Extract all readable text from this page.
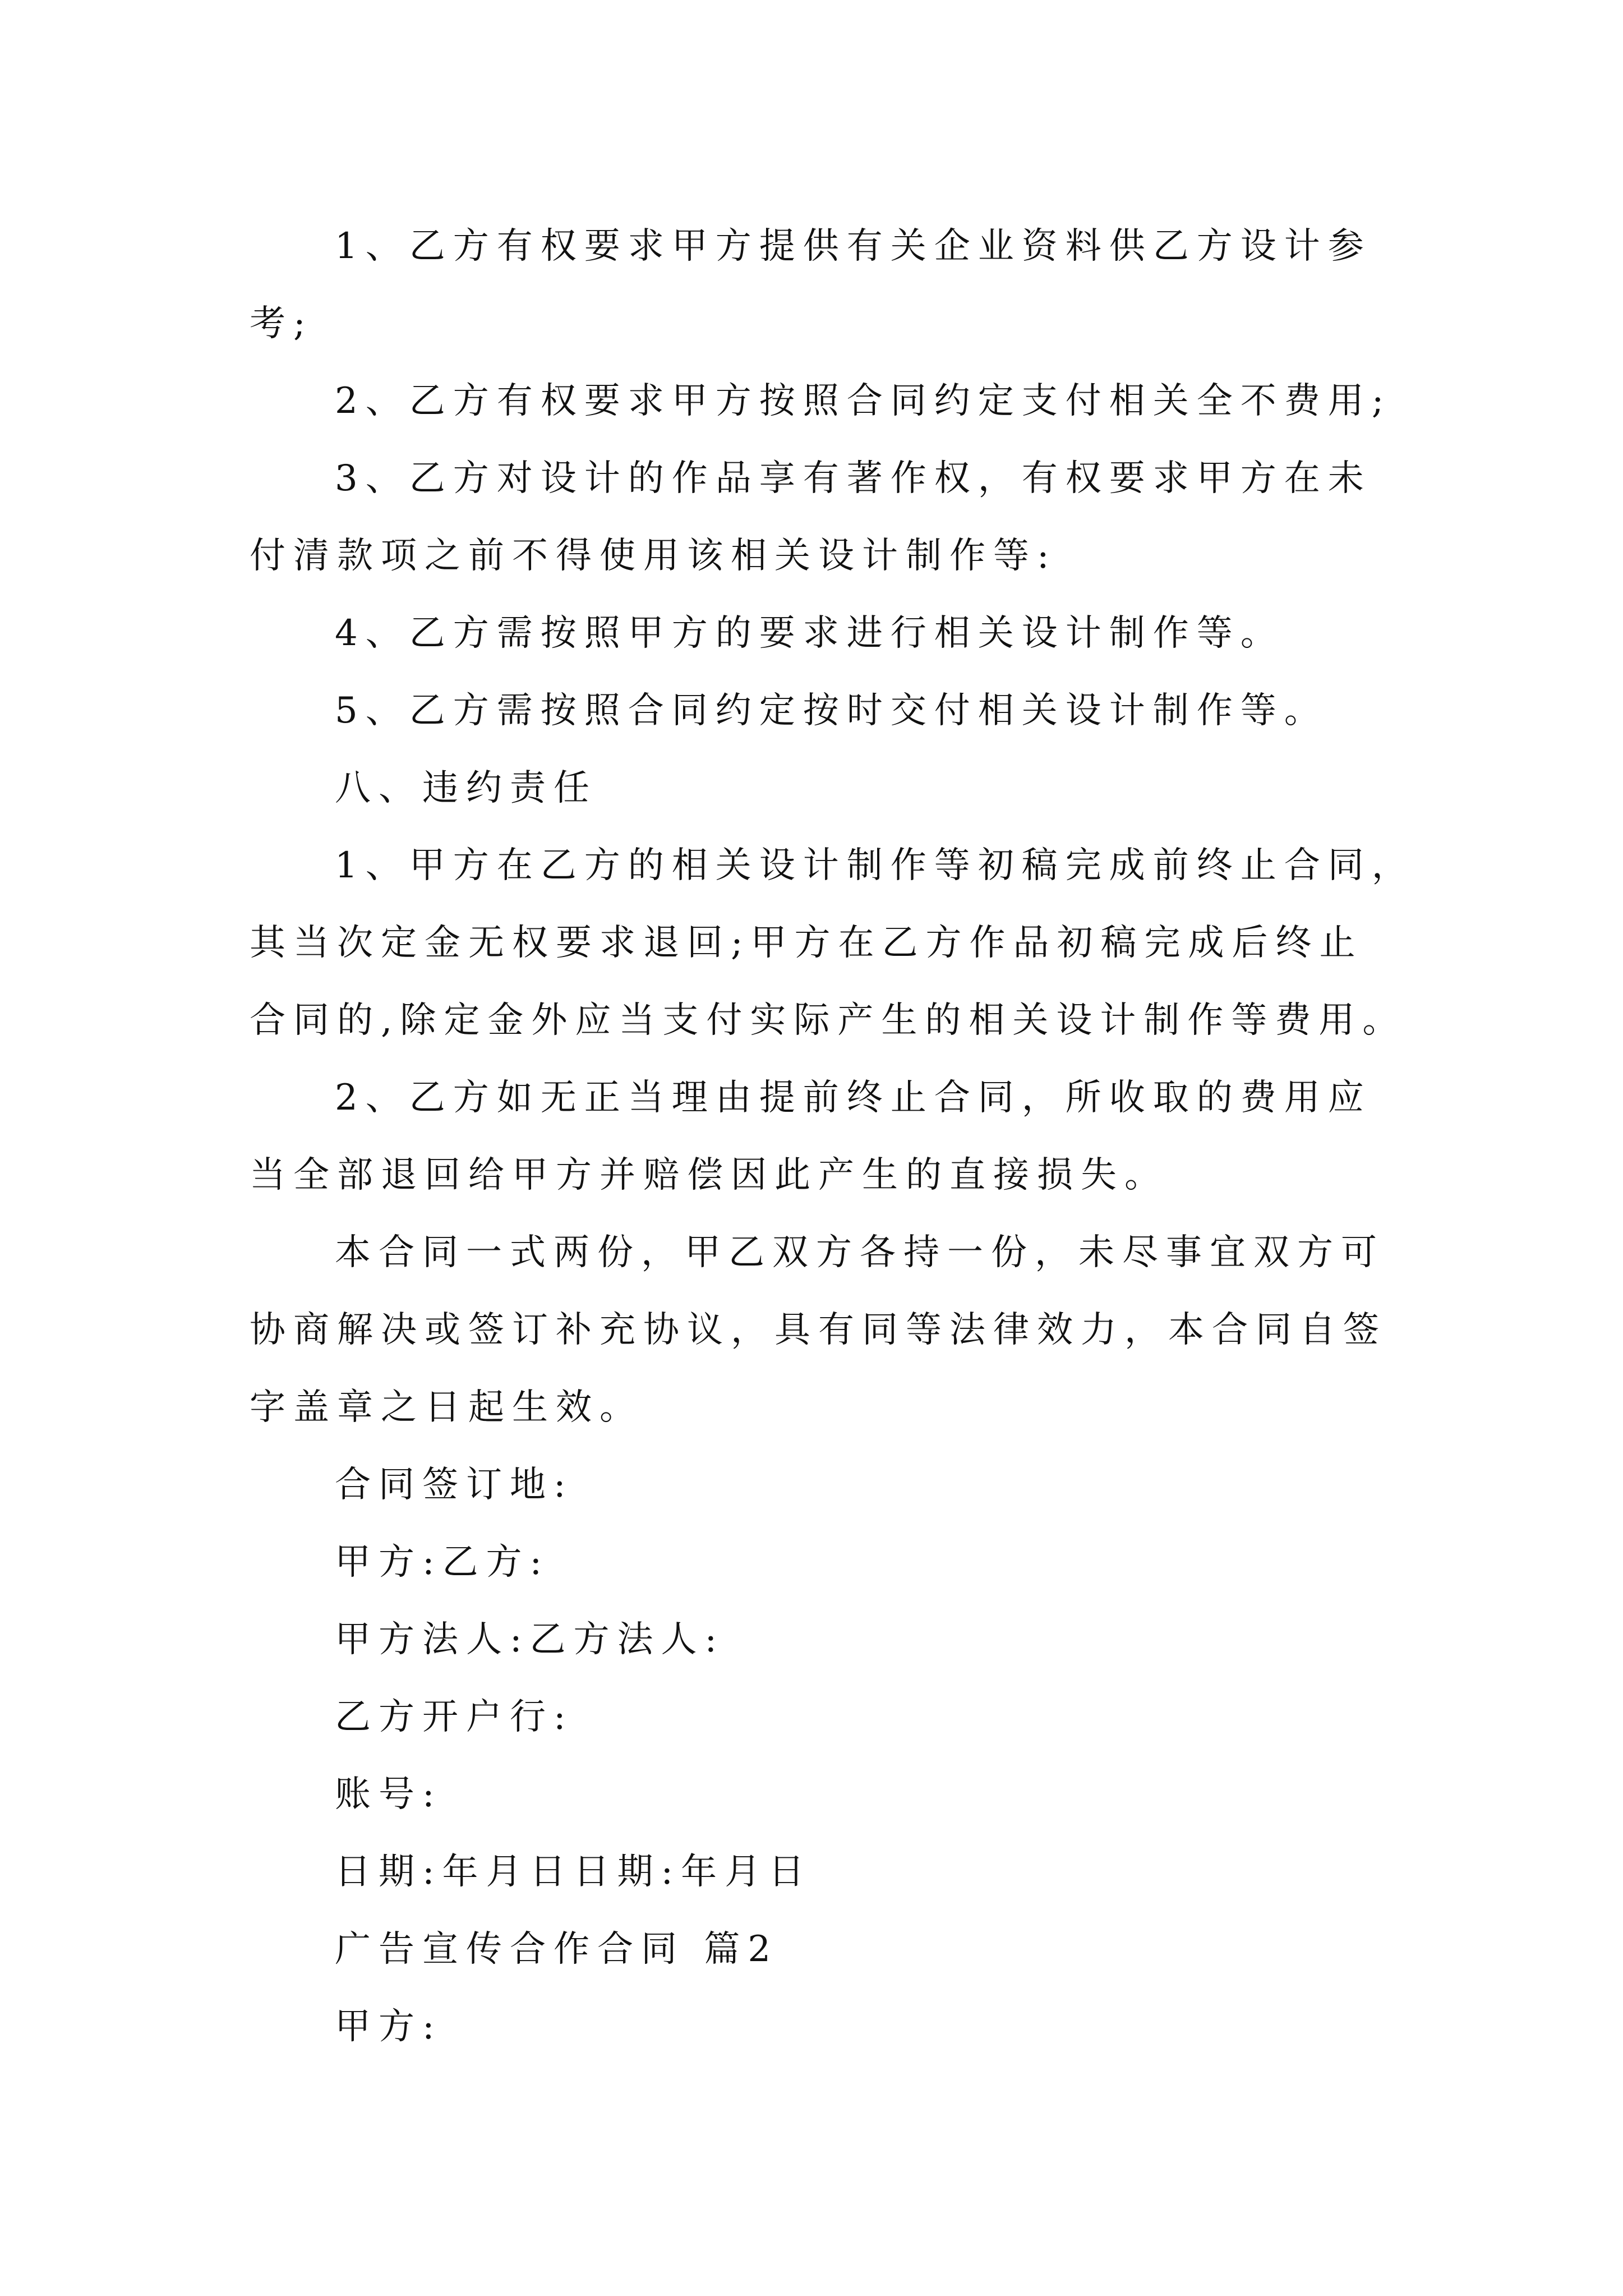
1、乙方有权要求甲方提供有关企业资料供乙方设计参
考;
2、乙方有权要求甲方按照合同约定支付相关全不费用;
3、乙方对设计的作品享有著作权，有权要求甲方在未
付清款项之前不得使用该相关设计制作等:
4、乙方需按照甲方的要求进行相关设计制作等。
5、乙方需按照合同约定按时交付相关设计制作等。
八、违约责任
1、甲方在乙方的相关设计制作等初稿完成前终止合同，
其当次定金无权要求退回;甲方在乙方作品初稿完成后终止
合同的,除定金外应当支付实际产生的相关设计制作等费用。
2、乙方如无正当理由提前终止合同，所收取的费用应
当全部退回给甲方并赔偿因此产生的直接损失。
本合同一式两份，甲乙双方各持一份，未尽事宜双方可
协商解决或签订补充协议，具有同等法律效力，本合同自签
字盖章之日起生效。
合同签订地:
甲方:乙方:
甲方法人:乙方法人:
乙方开户行:
账号:
日期:年月日日期:年月日
广告宣传合作合同 篇2
甲方:
